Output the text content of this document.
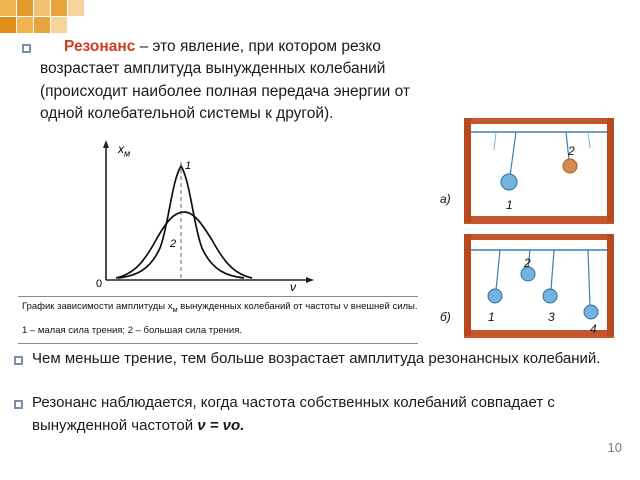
Резонанс – это явление, при котором резко возрастает амплитуда вынужденных колебаний (происходит наиболее полная передача энергии от одной колебательной системы к другой).
$x_м$
ν
0
1
2
График зависимости амплитуды $x_м$ вынужденных колебаний от частоты ν внешней силы.
1 – малая сила трения; 2 – большая сила трения.
а)	1
2
б)	1
2
3
4
Чем меньше трение, тем больше возрастает амплитуда резонансных колебаний.
Резонанс наблюдается, когда частота собственных колебаний совпадает с вынужденной частотой ν = νo.
10
